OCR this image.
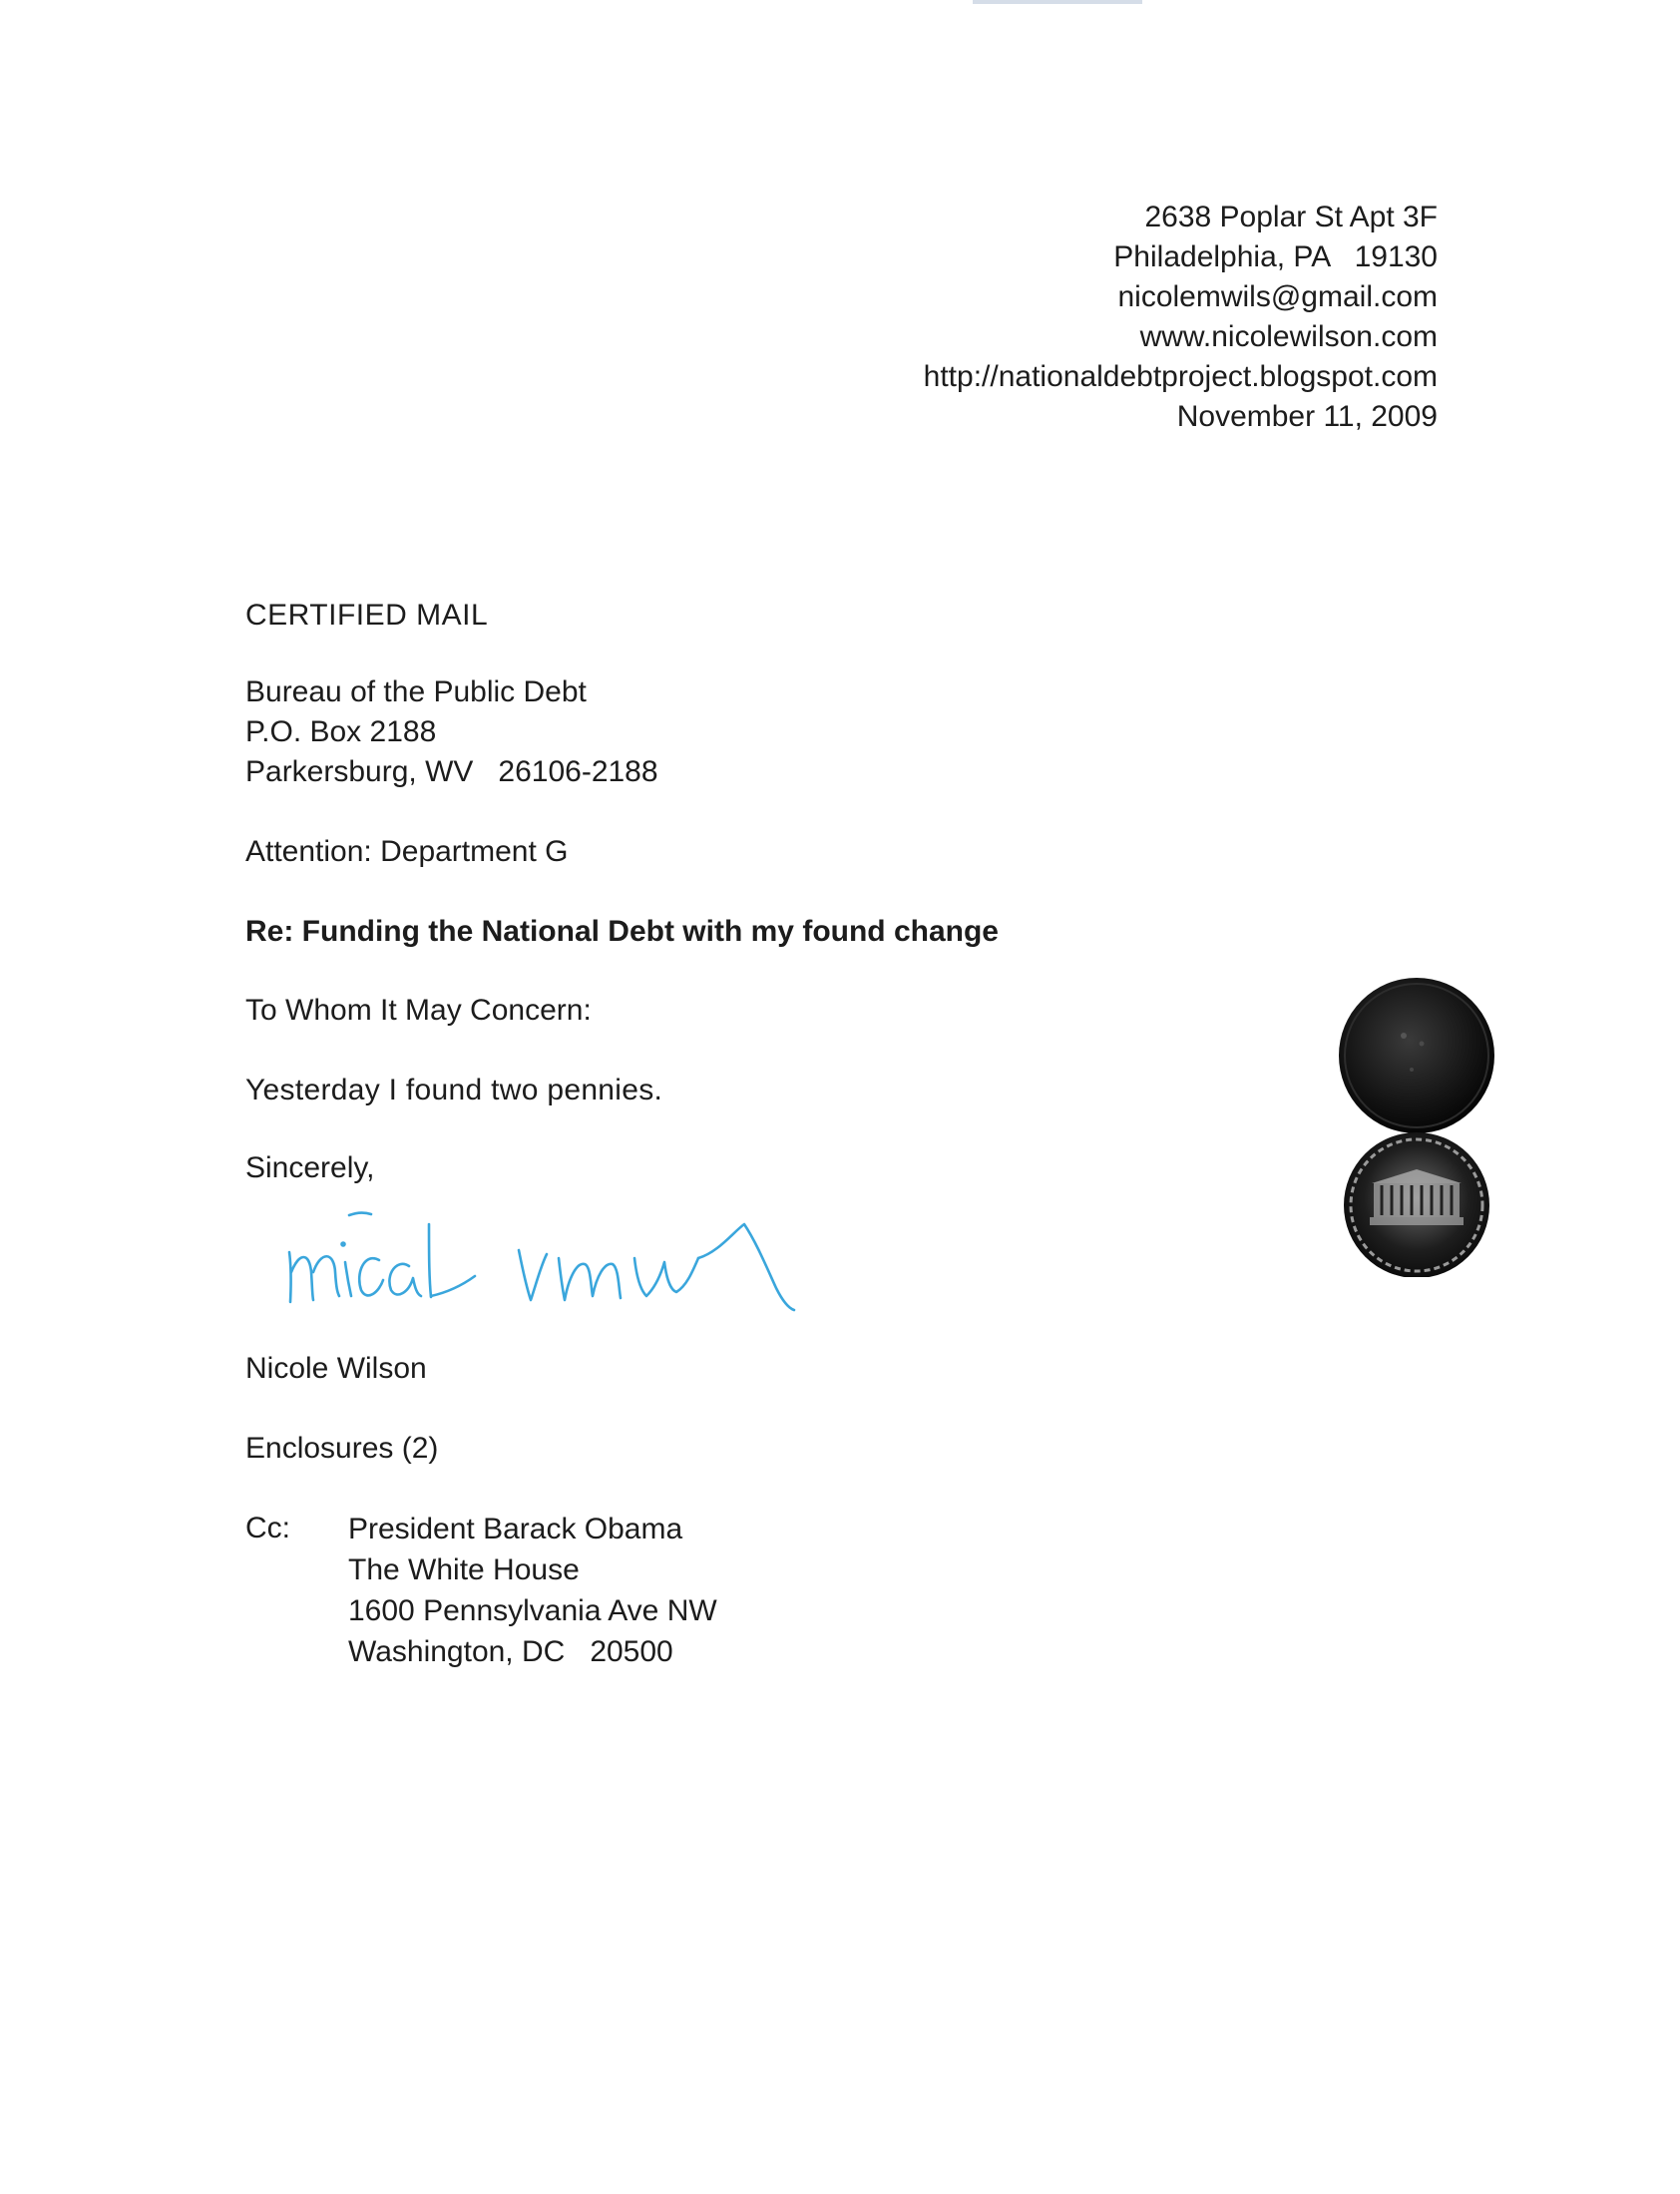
2638 Poplar St Apt 3F
Philadelphia, PA   19130
nicolemwils@gmail.com
www.nicolewilson.com
http://nationaldebtproject.blogspot.com
November 11, 2009
CERTIFIED MAIL
Bureau of the Public Debt
P.O. Box 2188
Parkersburg, WV   26106-2188
Attention: Department G
Re: Funding the National Debt with my found change
To Whom It May Concern:
Yesterday I found two pennies.
Sincerely,
Nicole Wilson
Enclosures (2)
Cc: President Barack Obama
The White House
1600 Pennsylvania Ave NW
Washington, DC   20500
